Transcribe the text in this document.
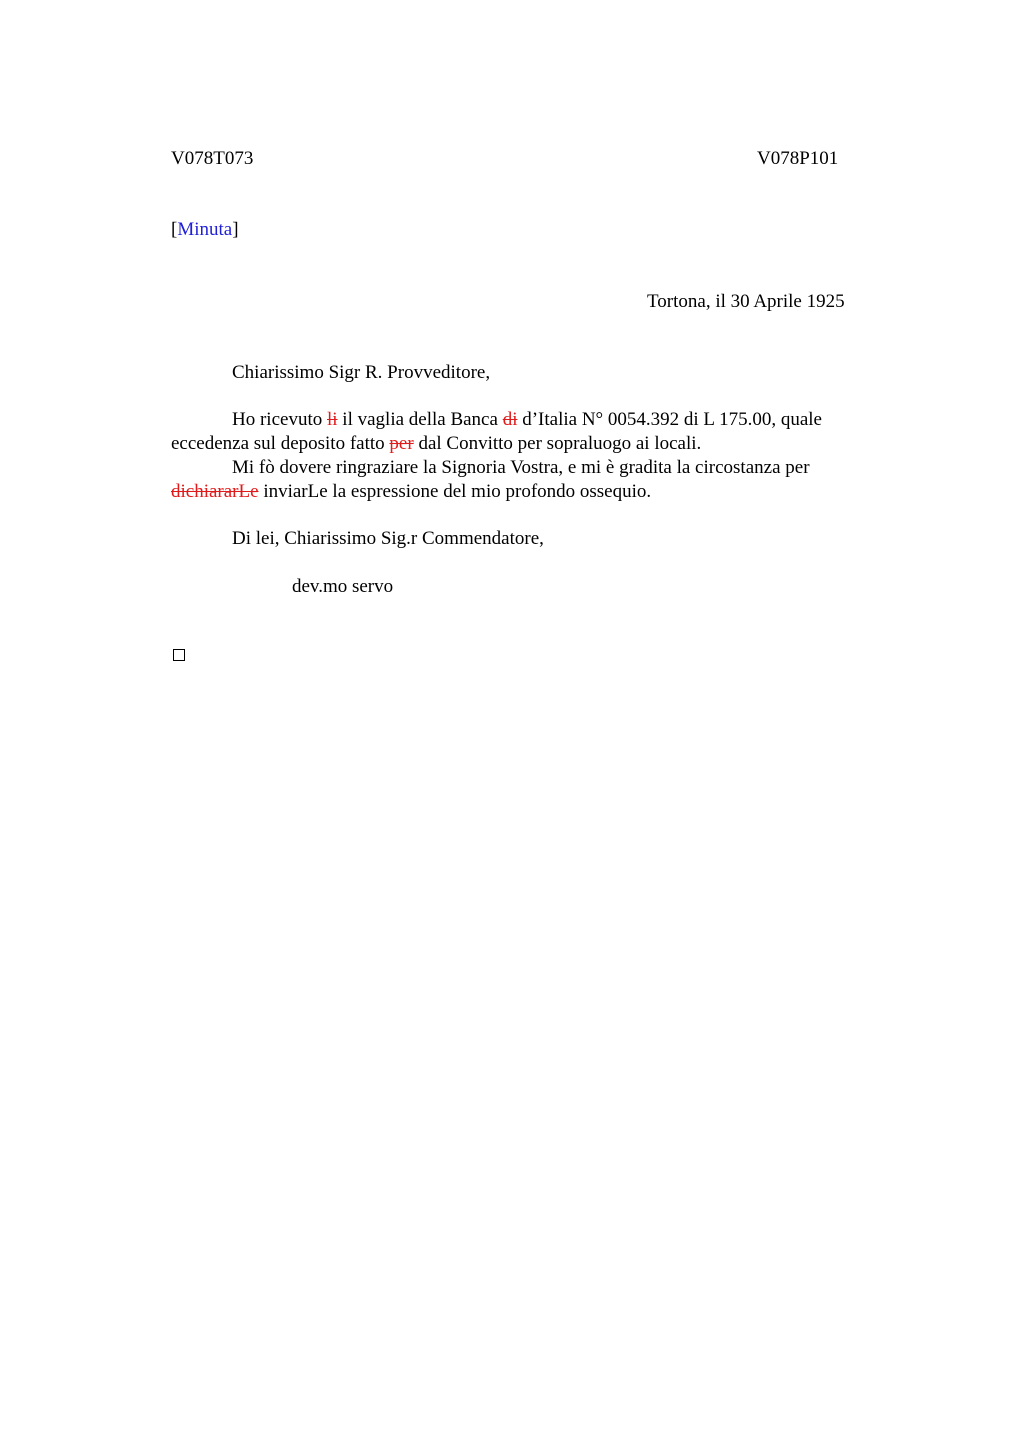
V078T073	V078P101
[Minuta]
Tortona, il 30 Aprile 1925
Chiarissimo Sigr R. Provveditore,

Ho ricevuto li il vaglia della Banca di d’Italia N° 0054.392 di L 175.00, quale eccedenza sul deposito fatto per dal Convitto per sopraluogo ai locali.

Mi fò dovere ringraziare la Signoria Vostra, e mi è gradita la circostanza per dichiararLe inviarLe la espressione del mio profondo ossequio.

Di lei, Chiarissimo Sig.r Commendatore,
dev.mo servo
